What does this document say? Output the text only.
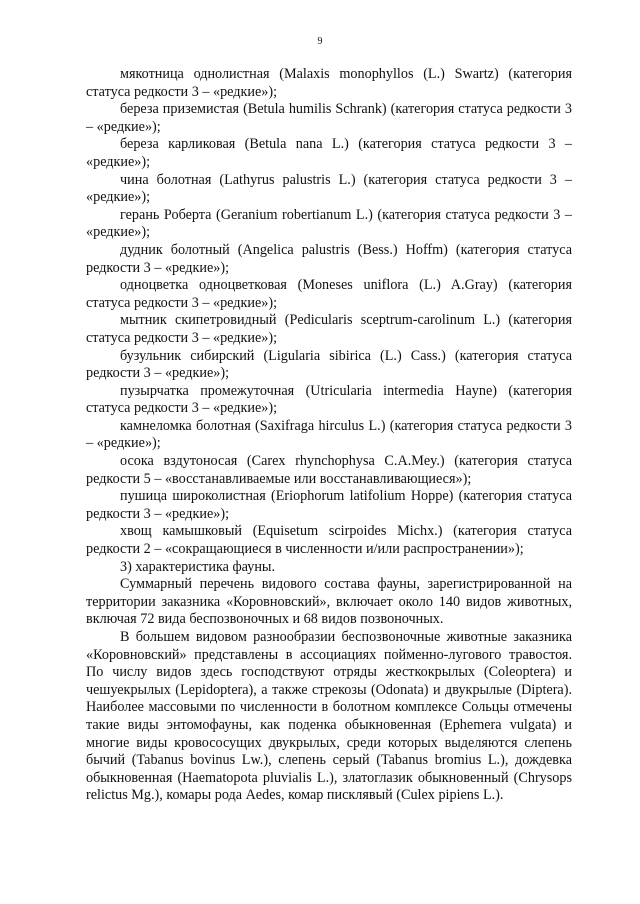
9

мякотница однолистная (Malaxis monophyllos (L.) Swartz) (категория статуса редкости 3 – «редкие»);

береза приземистая (Betula humilis Schrank) (категория статуса редкости 3 – «редкие»);

береза карликовая (Betula nana L.) (категория статуса редкости 3 – «редкие»);

чина болотная (Lathyrus palustris L.) (категория статуса редкости 3 – «редкие»);

герань Роберта (Geranium robertianum L.) (категория статуса редкости 3 – «редкие»);

дудник болотный (Angelica palustris (Bess.) Hoffm) (категория статуса редкости 3 – «редкие»);

одноцветка одноцветковая (Moneses uniflora (L.) A.Gray) (категория статуса редкости 3 – «редкие»);

мытник скипетровидный (Pedicularis sceptrum-carolinum L.) (категория статуса редкости 3 – «редкие»);

бузульник сибирский (Ligularia sibirica (L.) Cass.) (категория статуса редкости 3 – «редкие»);

пузырчатка промежуточная (Utricularia intermedia Hayne) (категория статуса редкости 3 – «редкие»);

камнеломка болотная (Saxifraga hirculus L.) (категория статуса редкости 3 – «редкие»);

осока вздутоносая (Carex rhynchophysa C.A.Mey.) (категория статуса редкости 5 – «восстанавливаемые или восстанавливающиеся»);

пушица широколистная (Eriophorum latifolium Hoppe) (категория статуса редкости 3 – «редкие»);

хвощ камышковый (Equisetum scirpoides Michx.) (категория статуса редкости 2 – «сокращающиеся в численности и/или распространении»);

3) характеристика фауны.

Суммарный перечень видового состава фауны, зарегистрированной на территории заказника «Коровновский», включает около 140 видов животных, включая 72 вида беспозвоночных и 68 видов позвоночных.

В большем видовом разнообразии беспозвоночные животные заказника «Коровновский» представлены в ассоциациях пойменно-лугового травостоя. По числу видов здесь господствуют отряды жесткокрылых (Coleoptera) и чешуекрылых (Lepidoptera), а также стрекозы (Odonata) и двукрылые (Diptera). Наиболее массовыми по численности в болотном комплексе Сольцы отмечены такие виды энтомофауны, как поденка обыкновенная (Ephemera vulgata) и многие виды кровососущих двукрылых, среди которых выделяются слепень бычий (Tabanus bovinus Lw.), слепень серый (Tabanus bromius L.), дождевка обыкновенная (Haematopota pluvialis L.), златоглазик обыкновенный (Chrysops relictus Mg.), комары рода Aedes, комар писклявый (Culex pipiens L.).
